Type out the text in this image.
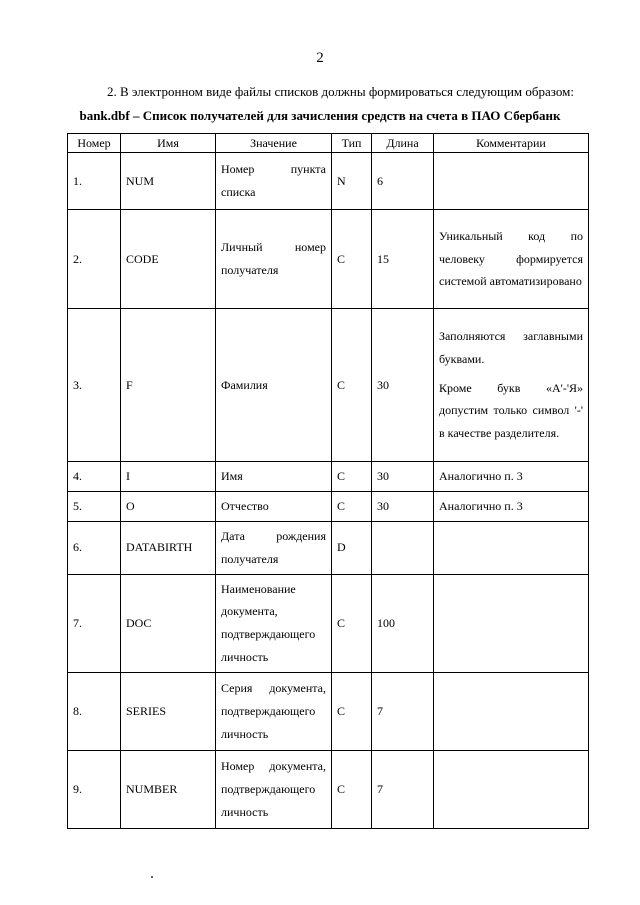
2
2. В электронном виде файлы списков должны формироваться следующим образом:
bank.dbf – Список получателей для зачисления средств на счета в ПАО Сбербанк
Номер	Имя	Значение	Тип	Длина	Комментарии
1.	NUM	Номер пункта списка	N	6	
2.	CODE	Личный номер получателя	C	15	Уникальный код по человеку формируется системой автоматизировано

3.	F	Фамилия	C	30	Заполняются заглавными буквами.

Кроме букв «А'-'Я» допустим только символ '-' в качестве разделителя.

4.	I	Имя	C	30	Аналогично п. 3

5.	O	Отчество	C	30	Аналогично п. 3

6.	DATABIRTH	Дата рождения получателя	D		
7.	DOC	Наименование документа, подтверждающего личность	C	100	
8.	SERIES	Серия документа, подтверждающего личность	C	7	
9.	NUMBER	Номер документа, подтверждающего личность	C	7	
